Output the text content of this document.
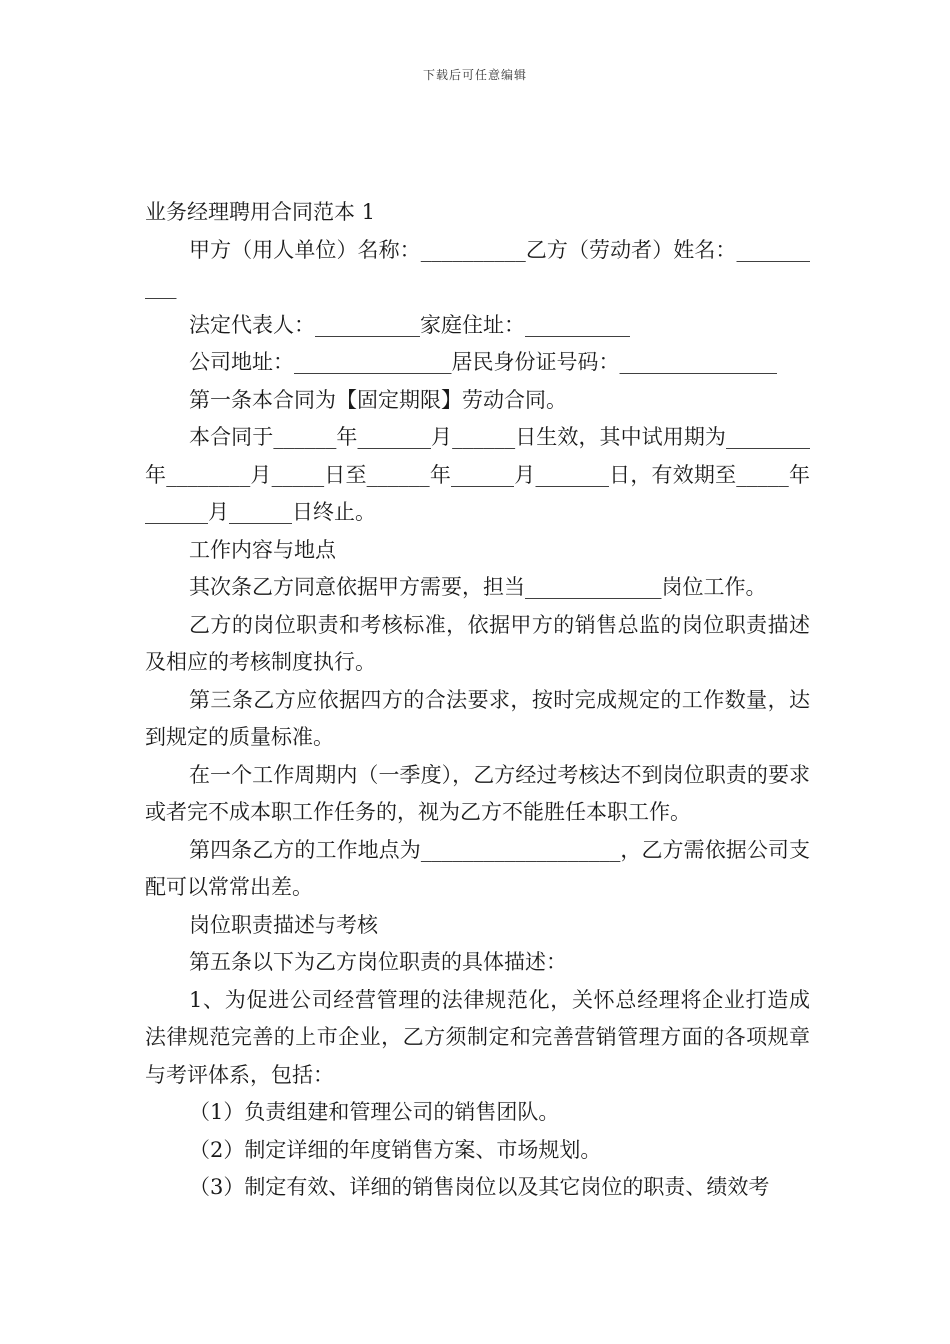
下载后可任意编辑

业务经理聘用合同范本 1

甲方（用人单位）名称：__________乙方（劳动者）姓名：__________

法定代表人：__________家庭住址：__________

公司地址：_______________居民身份证号码：_______________

第一条本合同为【固定期限】劳动合同。

本合同于______年_______月______日生效，其中试用期为________年________月_____日至______年______月_______日，有效期至_____年______月______日终止。

工作内容与地点

其次条乙方同意依据甲方需要，担当_____________岗位工作。

乙方的岗位职责和考核标准，依据甲方的销售总监的岗位职责描述及相应的考核制度执行。

第三条乙方应依据四方的合法要求，按时完成规定的工作数量，达到规定的质量标准。

在一个工作周期内（一季度），乙方经过考核达不到岗位职责的要求或者完不成本职工作任务的，视为乙方不能胜任本职工作。

第四条乙方的工作地点为___________________，乙方需依据公司支配可以常常出差。

岗位职责描述与考核

第五条以下为乙方岗位职责的具体描述：

1、为促进公司经营管理的法律规范化，关怀总经理将企业打造成法律规范完善的上市企业，乙方须制定和完善营销管理方面的各项规章与考评体系，包括：

（1）负责组建和管理公司的销售团队。

（2）制定详细的年度销售方案、市场规划。

（3）制定有效、详细的销售岗位以及其它岗位的职责、绩效考
